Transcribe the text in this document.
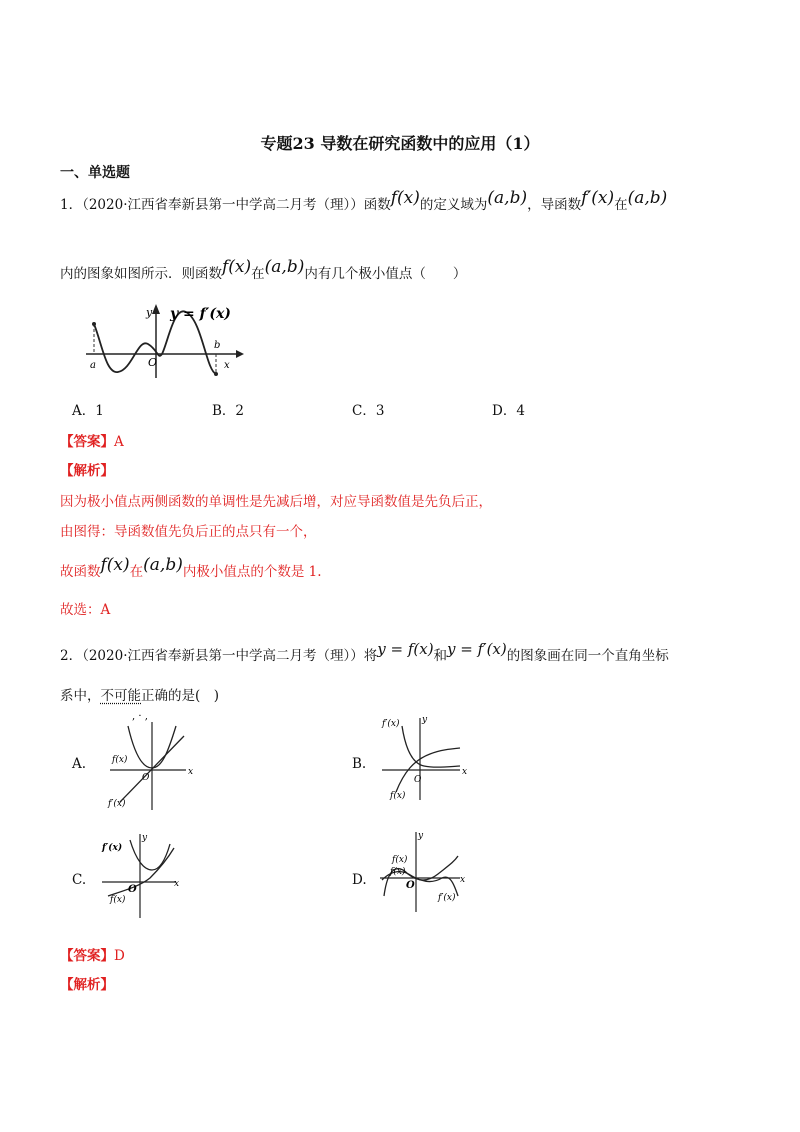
专题23 导数在研究函数中的应用（1）
一、单选题
1．（2020·江西省奉新县第一中学高二月考（理））函数f(x)的定义域为(a,b)，导函数f′(x)在(a,b)
内的图象如图所示．则函数f(x)在(a,b)内有几个极小值点（　　）
y y = f′(x)
a
b
O	x
A．1	B．2	C．3	D．4
【答案】A
【解析】
因为极小值点两侧函数的单调性是先减后增，对应导函数值是先负后正，
由图得：导函数值先负后正的点只有一个，
故函数f(x)在(a,b)内极小值点的个数是 1.
故选：A
2．（2020·江西省奉新县第一中学高二月考（理））将y = f(x)和y = f′(x)的图象画在同一个直角坐标
系中，不可能正确的是(　)
A.	B.
C.	D.
, · ,
f(x)
f′(x)
O
x
f′(x)	y
f(x)
O
x
f′(x)
y
f(x)
O	x
y
f(x)
f(x)
O	x
f′(x)
【答案】D
【解析】
